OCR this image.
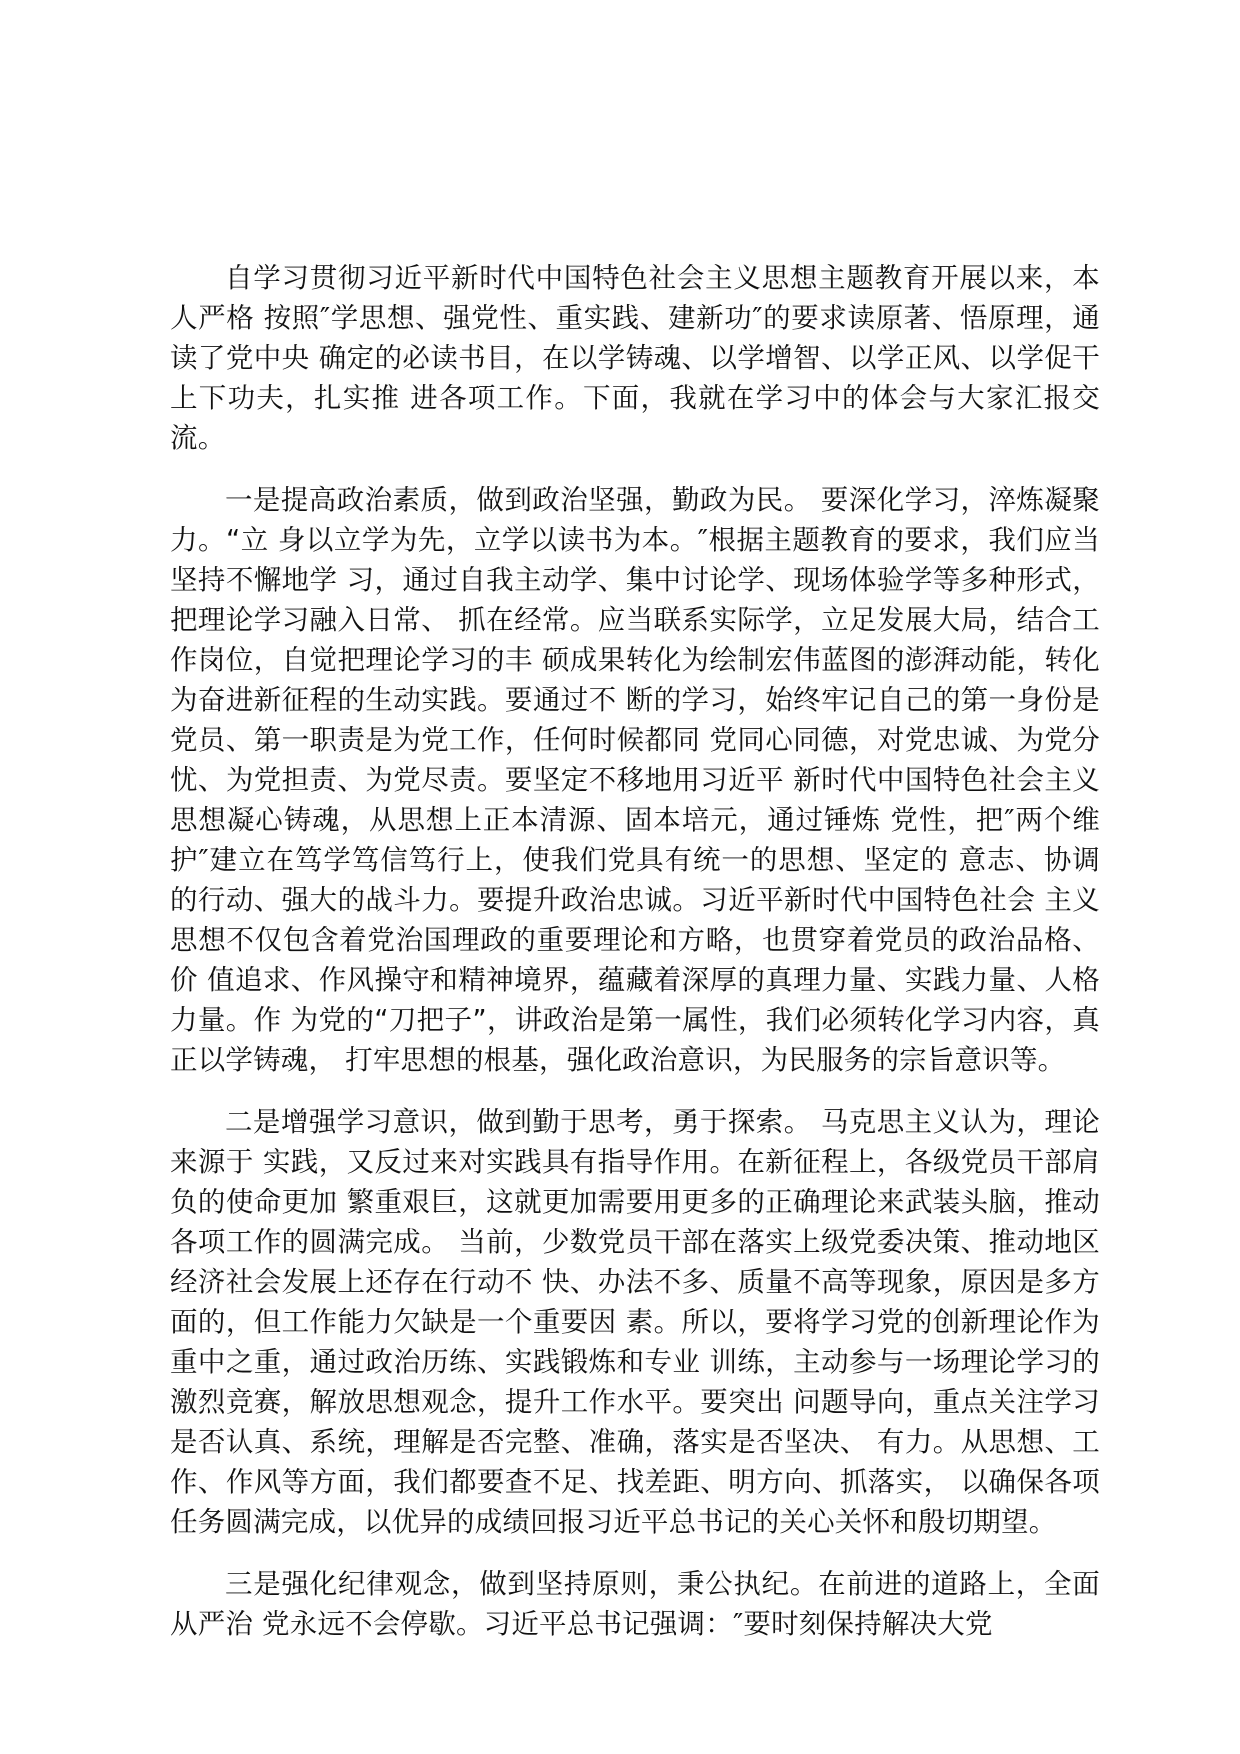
自学习贯彻习近平新时代中国特色社会主义思想主题教育开展以来，本人严格 按照″学思想、强党性、重实践、建新功″的要求读原著、悟原理，通读了党中央 确定的必读书目，在以学铸魂、以学增智、以学正风、以学促干上下功夫，扎实推 进各项工作。下面，我就在学习中的体会与大家汇报交流。

一是提高政治素质，做到政治坚强，勤政为民。 要深化学习，淬炼凝聚力。“立 身以立学为先，立学以读书为本。″根据主题教育的要求，我们应当坚持不懈地学 习，通过自我主动学、集中讨论学、现场体验学等多种形式，把理论学习融入日常、 抓在经常。应当联系实际学，立足发展大局，结合工作岗位，自觉把理论学习的丰 硕成果转化为绘制宏伟蓝图的澎湃动能，转化为奋进新征程的生动实践。要通过不 断的学习，始终牢记自己的第一身份是党员、第一职责是为党工作，任何时候都同 党同心同德，对党忠诚、为党分忧、为党担责、为党尽责。要坚定不移地用习近平 新时代中国特色社会主义思想凝心铸魂，从思想上正本清源、固本培元，通过锤炼 党性，把″两个维护″建立在笃学笃信笃行上，使我们党具有统一的思想、坚定的 意志、协调的行动、强大的战斗力。要提升政治忠诚。习近平新时代中国特色社会 主义思想不仅包含着党治国理政的重要理论和方略，也贯穿着党员的政治品格、价 值追求、作风操守和精神境界，蕴藏着深厚的真理力量、实践力量、人格力量。作 为党的“刀把子”，讲政治是第一属性，我们必须转化学习内容，真正以学铸魂， 打牢思想的根基，强化政治意识，为民服务的宗旨意识等。

二是增强学习意识，做到勤于思考，勇于探索。 马克思主义认为，理论来源于 实践，又反过来对实践具有指导作用。在新征程上，各级党员干部肩负的使命更加 繁重艰巨，这就更加需要用更多的正确理论来武装头脑，推动各项工作的圆满完成。 当前，少数党员干部在落实上级党委决策、推动地区经济社会发展上还存在行动不 快、办法不多、质量不高等现象，原因是多方面的，但工作能力欠缺是一个重要因 素。所以，要将学习党的创新理论作为重中之重，通过政治历练、实践锻炼和专业 训练，主动参与一场理论学习的激烈竞赛，解放思想观念，提升工作水平。要突出 问题导向，重点关注学习是否认真、系统，理解是否完整、准确，落实是否坚决、 有力。从思想、工作、作风等方面，我们都要查不足、找差距、明方向、抓落实， 以确保各项任务圆满完成，以优异的成绩回报习近平总书记的关心关怀和殷切期望。

三是强化纪律观念，做到坚持原则，秉公执纪。在前进的道路上，全面从严治 党永远不会停歇。习近平总书记强调：″要时刻保持解决大党
